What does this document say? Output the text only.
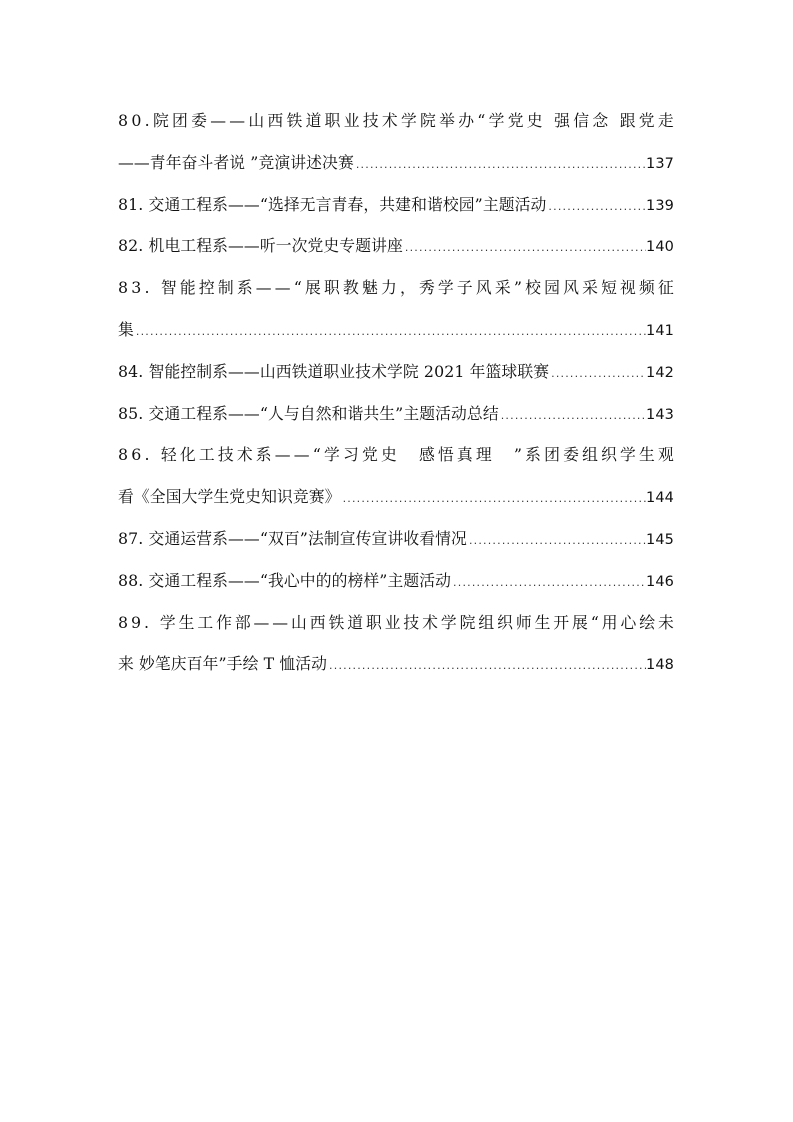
8 0 . 院 团 委 — — 山 西 铁 道 职 业 技 术 学 院 举 办 “ 学 党 史
强 信 念
跟 党 走
——青年奋斗者说 ”竞演讲述决赛 .....	137
81. 交通工程系——“选择无言青春，共建和谐校园”主题活动 .....	139
82. 机电工程系——听一次党史专题讲座 .....	140
8 3 .
智 能 控 制 系 — — “ 展 职 教 魅 力 ， 秀 学 子 风 采 ” 校 园 风 采 短 视 频 征
集 .....	141
84. 智能控制系——山西铁道职业技术学院 2021 年篮球联赛 .....	142
85. 交通工程系——“人与自然和谐共生”主题活动总结 .....	143
8 6 .
轻 化 工 技 术 系 — — “ 学 习 党 史
　 感 悟 真 理
　 ” 系 团 委 组 织 学 生 观
看《全国大学生党史知识竞赛》 .....	144
87. 交通运营系——“双百”法制宣传宣讲收看情况 .....	145
88. 交通工程系——“我心中的的榜样”主题活动 .....	146
8 9 .
学 生 工 作 部 — — 山 西 铁 道 职 业 技 术 学 院 组 织 师 生 开 展 “ 用 心 绘 未
来 妙笔庆百年”手绘 T 恤活动 .....	148
